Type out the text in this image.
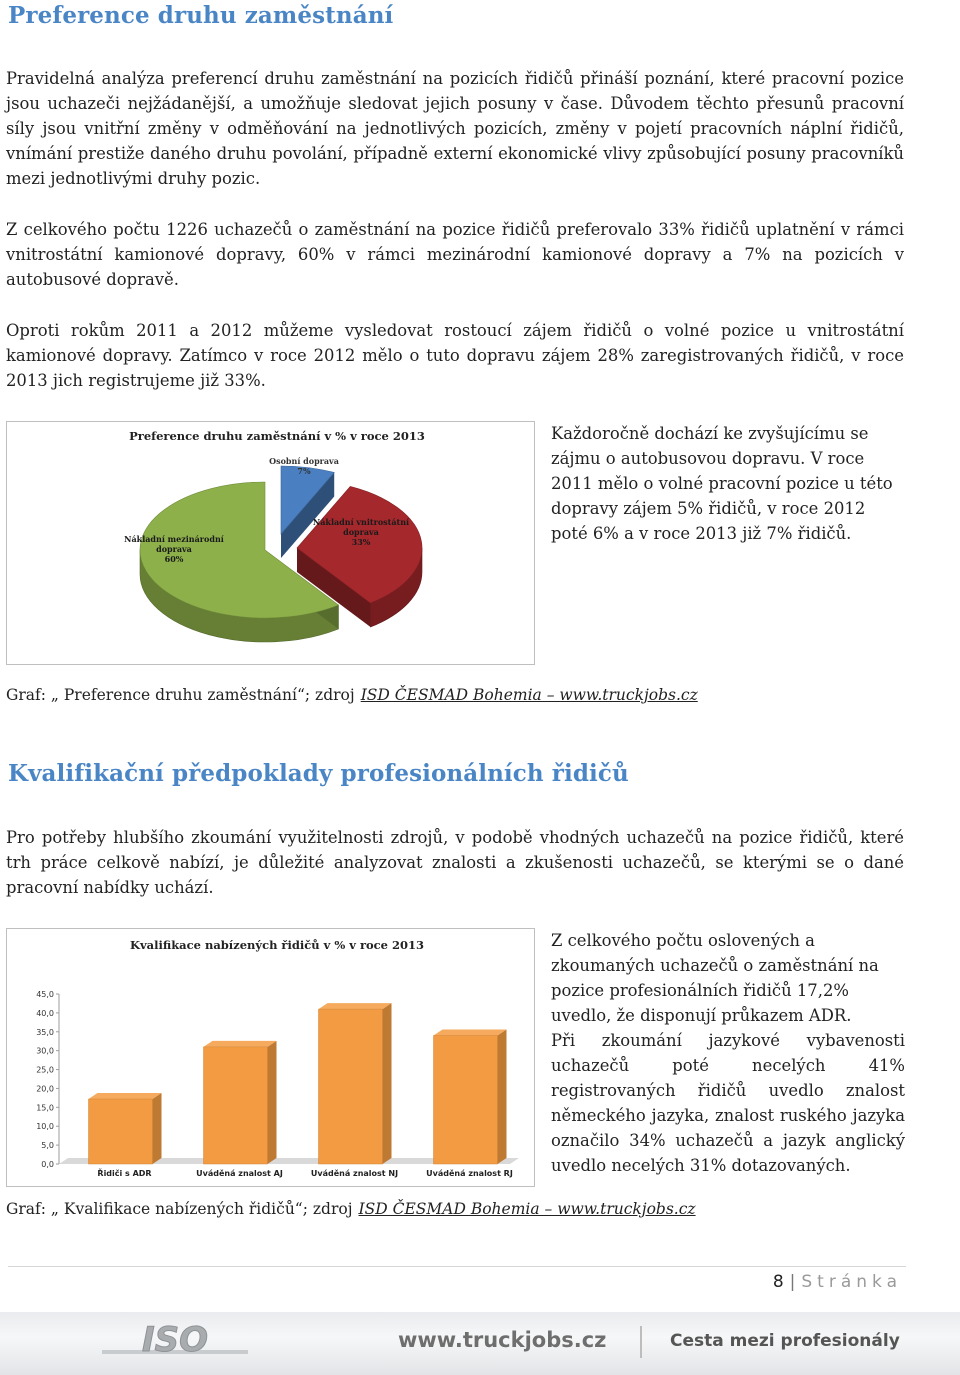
Preference druhu zaměstnání

Pravidelná analýza preferencí druhu zaměstnání na pozicích řidičů přináší poznání, které pracovní pozice jsou uchazeči nejžádanější, a umožňuje sledovat jejich posuny v čase. Důvodem těchto přesunů pracovní síly jsou vnitřní změny v odměňování na jednotlivých pozicích, změny v pojetí pracovních náplní řidičů, vnímání prestiže daného druhu povolání, případně externí ekonomické vlivy způsobující posuny pracovníků mezi jednotlivými druhy pozic.

Z celkového počtu 1226 uchazečů o zaměstnání na pozice řidičů preferovalo 33% řidičů uplatnění v rámci vnitrostátní kamionové dopravy, 60% v rámci mezinárodní kamionové dopravy a 7% na pozicích v autobusové dopravě.

Oproti rokům 2011 a 2012 můžeme vysledovat rostoucí zájem řidičů o volné pozice u vnitrostátní kamionové dopravy. Zatímco v roce 2012 mělo o tuto dopravu zájem 28% zaregistrovaných řidičů, v roce 2013 jich registrujeme již 33%.

Preference druhu zaměstnání v % v roce 2013
Osobní doprava 7%
Nákladní vnitrostátní doprava 33%
Nákladní mezinárodní doprava 60%

Každoročně dochází ke zvyšujícímu se zájmu o autobusovou dopravu. V roce 2011 mělo o volné pracovní pozice u této dopravy zájem 5% řidičů, v roce 2012 poté 6% a v roce 2013 již 7% řidičů.

Graf: „ Preference druhu zaměstnání“; zdroj ISD ČESMAD Bohemia – www.truckjobs.cz
Kvalifikační předpoklady profesionálních řidičů

Pro potřeby hlubšího zkoumání využitelnosti zdrojů, v podobě vhodných uchazečů na pozice řidičů, které trh práce celkově nabízí, je důležité analyzovat znalosti a zkušenosti uchazečů, se kterými se o dané pracovní nabídky uchází.

Kvalifikace nabízených řidičů v % v roce 2013
0,0
5,0
10,0
15,0
20,0
25,0
30,0
35,0
40,0
45,0
Řidiči s ADR	Uváděná znalost AJ	Uváděná znalost NJ	Uváděná znalost RJ

Z celkového počtu oslovených a zkoumaných uchazečů o zaměstnání na pozice profesionálních řidičů 17,2% uvedlo, že disponují průkazem ADR.

Při zkoumání jazykové vybavenosti uchazečů poté necelých 41% registrovaných řidičů uvedlo znalost německého jazyka, znalost ruského jazyka označilo 34% uchazečů a jazyk anglický uvedlo necelých 31% dotazovaných.

Graf: „ Kvalifikace nabízených řidičů“; zdroj ISD ČESMAD Bohemia – www.truckjobs.cz
8 | Stránka
ISO	www.truckjobs.cz	Cesta mezi profesionály
